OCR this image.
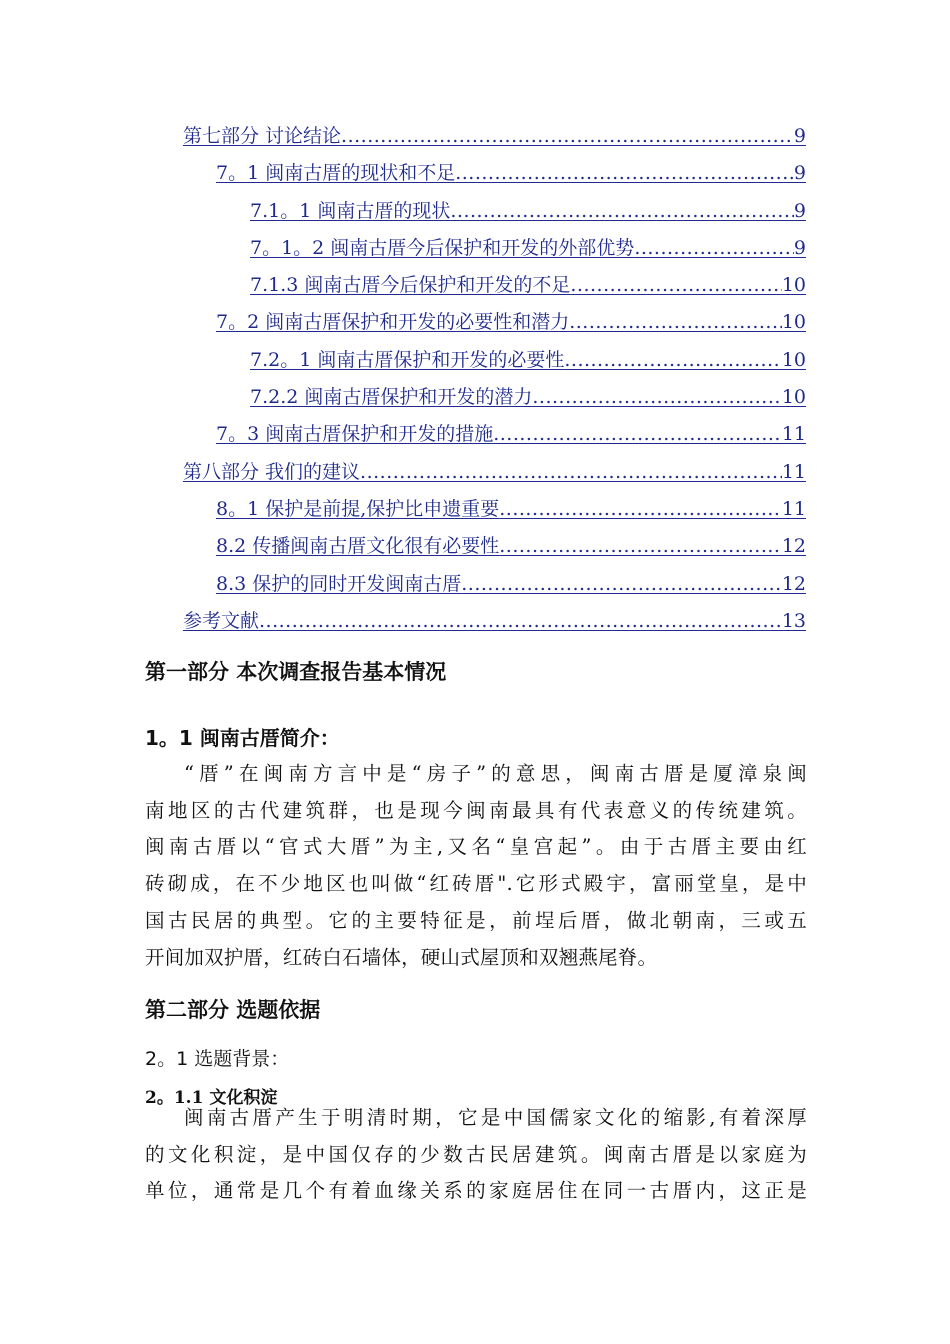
第七部分 讨论结论 .....	9
7。1 闽南古厝的现状和不足 .....	9
7.1。1 闽南古厝的现状 .....	9
7。1。2 闽南古厝今后保护和开发的外部优势 .....	9
7.1.3 闽南古厝今后保护和开发的不足 .....	10
7。2 闽南古厝保护和开发的必要性和潜力 .....	10
7.2。1 闽南古厝保护和开发的必要性 .....	10
7.2.2 闽南古厝保护和开发的潜力 .....	10
7。3 闽南古厝保护和开发的措施 .....	11
第八部分 我们的建议 .....	11
8。1 保护是前提,保护比申遗重要 .....	11
8.2 传播闽南古厝文化很有必要性 .....	12
8.3 保护的同时开发闽南古厝 .....	12
参考文献 .....	13
第一部分 本次调查报告基本情况
1。1 闽南古厝简介：
“厝”在闽南方言中是“房子”的意思，闽南古厝是厦漳泉闽
南地区的古代建筑群，也是现今闽南最具有代表意义的传统建筑。
闽南古厝以“官式大厝”为主,又名“皇宫起”。由于古厝主要由红
砖砌成，在不少地区也叫做“红砖厝".它形式殿宇，富丽堂皇，是中
国古民居的典型。它的主要特征是，前埕后厝，做北朝南，三或五
开间加双护厝，红砖白石墙体，硬山式屋顶和双翘燕尾脊。
第二部分 选题依据
2。1 选题背景：
2。1.1 文化积淀
闽南古厝产生于明清时期，它是中国儒家文化的缩影,有着深厚
的文化积淀，是中国仅存的少数古民居建筑。闽南古厝是以家庭为
单位，通常是几个有着血缘关系的家庭居住在同一古厝内，这正是
